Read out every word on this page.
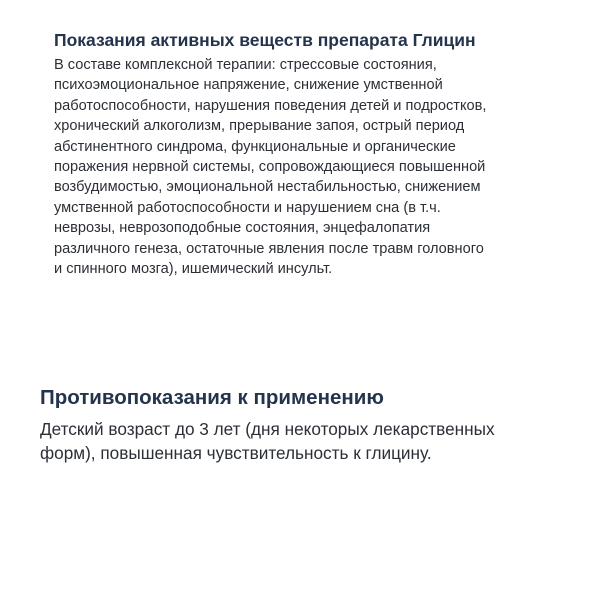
Показания активных веществ препарата Глицин

В составе комплексной терапии: стрессовые состояния,
психоэмоциональное напряжение, снижение умственной
работоспособности, нарушения поведения детей и подростков,
хронический алкоголизм, прерывание запоя, острый период
абстинентного синдрома, функциональные и органические
поражения нервной системы, сопровождающиеся повышенной
возбудимостью, эмоциональной нестабильностью, снижением
умственной работоспособности и нарушением сна (в т.ч.
неврозы, неврозоподобные состояния, энцефалопатия
различного генеза, остаточные явления после травм головного
и спинного мозга), ишемический инсульт.

Противопоказания к применению

Детский возраст до 3 лет (дня некоторых лекарственных
форм), повышенная чувствительность к глицину.
